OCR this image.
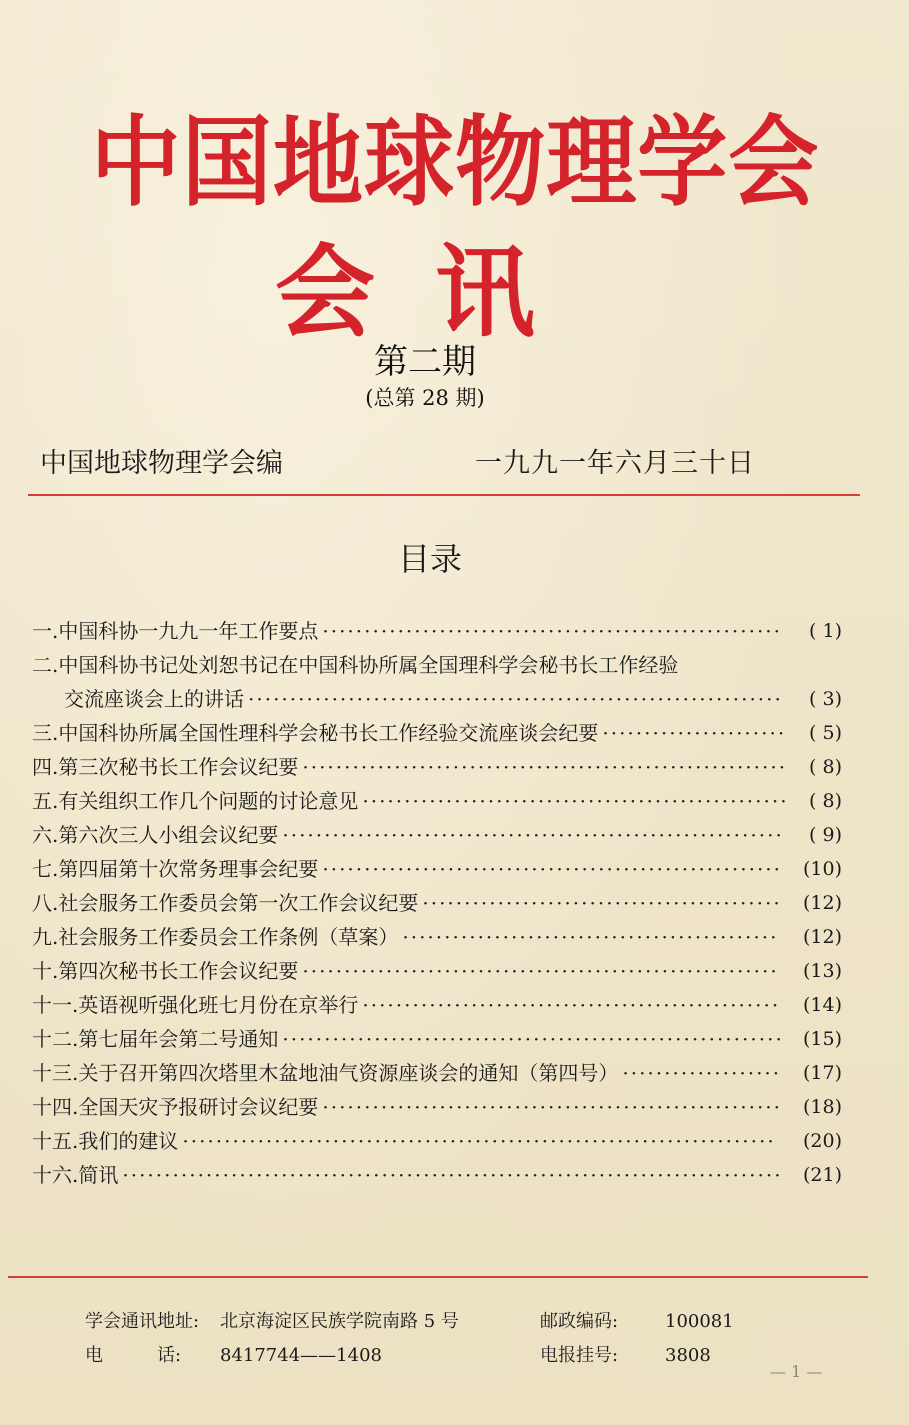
中国地球物理学会
会讯
第二期
(总第 28 期)
中国地球物理学会编	一九九一年六月三十日
目录
一.中国科协一九九一年工作要点 ······················································· ( 1)
二.中国科协书记处刘恕书记在中国科协所属全国理科学会秘书长工作经验
交流座谈会上的讲话 ································································ ( 3)
三.中国科协所属全国性理科学会秘书长工作经验交流座谈会纪要 ······················ ( 5)
四.第三次秘书长工作会议纪要 ·························································· ( 8)
五.有关组织工作几个问题的讨论意见 ··················································· ( 8)
六.第六次三人小组会议纪要 ···························································· ( 9)
七.第四届第十次常务理事会纪要 ······················································· (10)
八.社会服务工作委员会第一次工作会议纪要 ··········································· (12)
九.社会服务工作委员会工作条例（草案） ············································· (12)
十.第四次秘书长工作会议纪要 ························································· (13)
十一.英语视听强化班七月份在京举行 ·················································· (14)
十二.第七届年会第二号通知 ···························································· (15)
十三.关于召开第四次塔里木盆地油气资源座谈会的通知（第四号） ··················· (17)
十四.全国天灾予报研讨会议纪要 ······················································· (18)
十五.我们的建议 ······································································· (20)
十六.简讯 ··············································································· (21)
学会通讯地址: 北京海淀区民族学院南路 5 号	邮政编码:	100081
电　　　话: 8417744——1408	电报挂号:	3808
— 1 —
